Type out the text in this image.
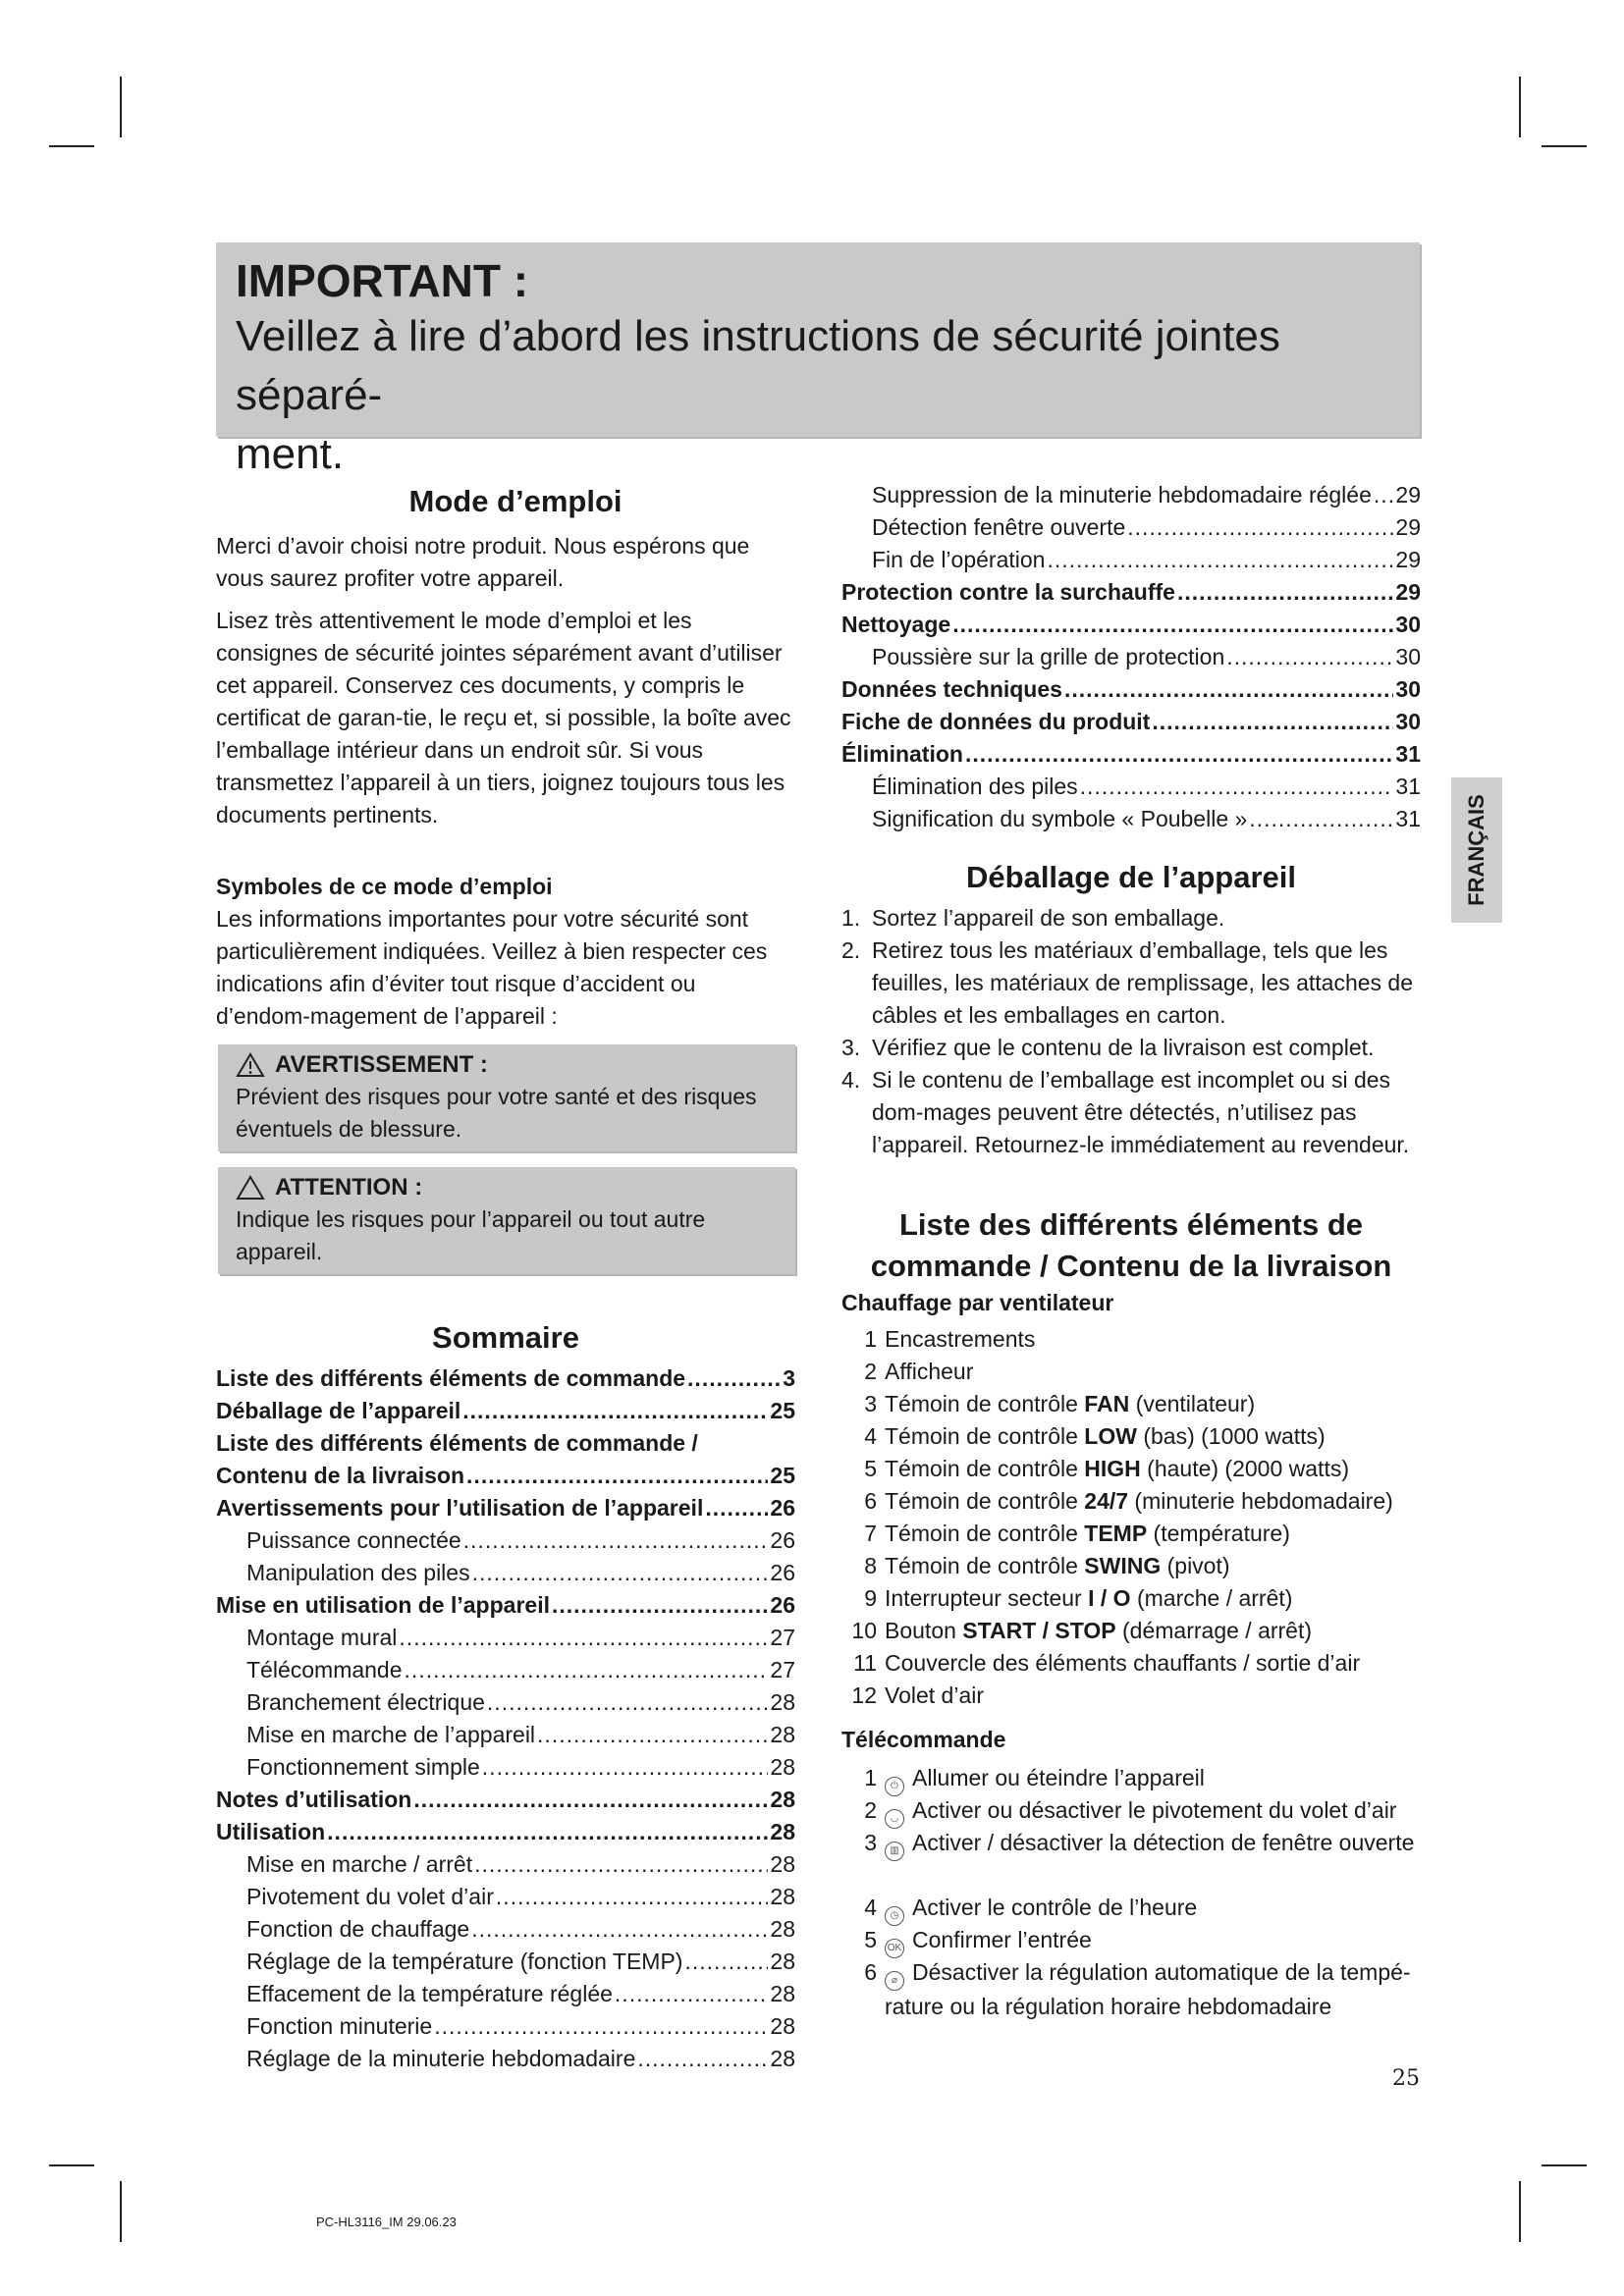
IMPORTANT :
Veillez à lire d’abord les instructions de sécurité jointes séparé-
ment.
Mode d’emploi

Merci d’avoir choisi notre produit. Nous espérons que vous saurez profiter votre appareil.

Lisez très attentivement le mode d’emploi et les consignes de sécurité jointes séparément avant d’utiliser cet appareil. Conservez ces documents, y compris le certificat de garan-tie, le reçu et, si possible, la boîte avec l’emballage intérieur dans un endroit sûr. Si vous transmettez l’appareil à un tiers, joignez toujours tous les documents pertinents.

Symboles de ce mode d’emploi

Les informations importantes pour votre sécurité sont particulièrement indiquées. Veillez à bien respecter ces indications afin d’éviter tout risque d’accident ou d’endom-magement de l’appareil :

AVERTISSEMENT :

Prévient des risques pour votre santé et des risques éventuels de blessure.

ATTENTION :

Indique les risques pour l’appareil ou tout autre appareil.

Sommaire
Liste des différents éléments de commande .....	3
Déballage de l’appareil .....	25
Liste des différents éléments de commande /
Contenu de la livraison .....	25
Avertissements pour l’utilisation de l’appareil .....	26
Puissance connectée .....	26
Manipulation des piles .....	26
Mise en utilisation de l’appareil .....	26
Montage mural .....	27
Télécommande .....	27
Branchement électrique .....	28
Mise en marche de l’appareil .....	28
Fonctionnement simple .....	28
Notes d’utilisation .....	28
Utilisation .....	28
Mise en marche / arrêt .....	28
Pivotement du volet d’air .....	28
Fonction de chauffage .....	28
Réglage de la température (fonction TEMP) .....	28
Effacement de la température réglée .....	28
Fonction minuterie .....	28
Réglage de la minuterie hebdomadaire .....	28
Suppression de la minuterie hebdomadaire réglée ..... 29
Détection fenêtre ouverte .....	29
Fin de l’opération .....	29
Protection contre la surchauffe .....	29
Nettoyage .....	30
Poussière sur la grille de protection .....	30
Données techniques .....	30
Fiche de données du produit .....	30
Élimination .....	31
Élimination des piles .....	31
Signification du symbole « Poubelle » .....	31
Déballage de l’appareil
1. Sortez l’appareil de son emballage.
2. Retirez tous les matériaux d’emballage, tels que les feuilles, les matériaux de remplissage, les attaches de câbles et les emballages en carton.
3. Vérifiez que le contenu de la livraison est complet.
4. Si le contenu de l’emballage est incomplet ou si des dom-mages peuvent être détectés, n’utilisez pas l’appareil. Retournez-le immédiatement au revendeur.
Liste des différents éléments de
commande / Contenu de la livraison
Chauffage par ventilateur
1 Encastrements
2 Afficheur
3 Témoin de contrôle FAN (ventilateur)
4 Témoin de contrôle LOW (bas) (1000 watts)
5 Témoin de contrôle HIGH (haute) (2000 watts)
6 Témoin de contrôle 24/7 (minuterie hebdomadaire)
7 Témoin de contrôle TEMP (température)
8 Témoin de contrôle SWING (pivot)
9 Interrupteur secteur I / O (marche / arrêt)
10 Bouton START / STOP (démarrage / arrêt)
11 Couvercle des éléments chauffants / sortie d’air
12 Volet d’air
Télécommande
1	⏻ Allumer ou éteindre l’appareil
2	◡ Activer ou désactiver le pivotement du volet d’air
3	▥ Activer / désactiver la détection de fenêtre ouverte
4	◷ Activer le contrôle de l’heure
5	OK Confirmer l’entrée
6	⌀ Désactiver la régulation automatique de la tempé-rature ou la régulation horaire hebdomadaire
FRANÇAIS
25
PC-HL3116_IM 29.06.23
